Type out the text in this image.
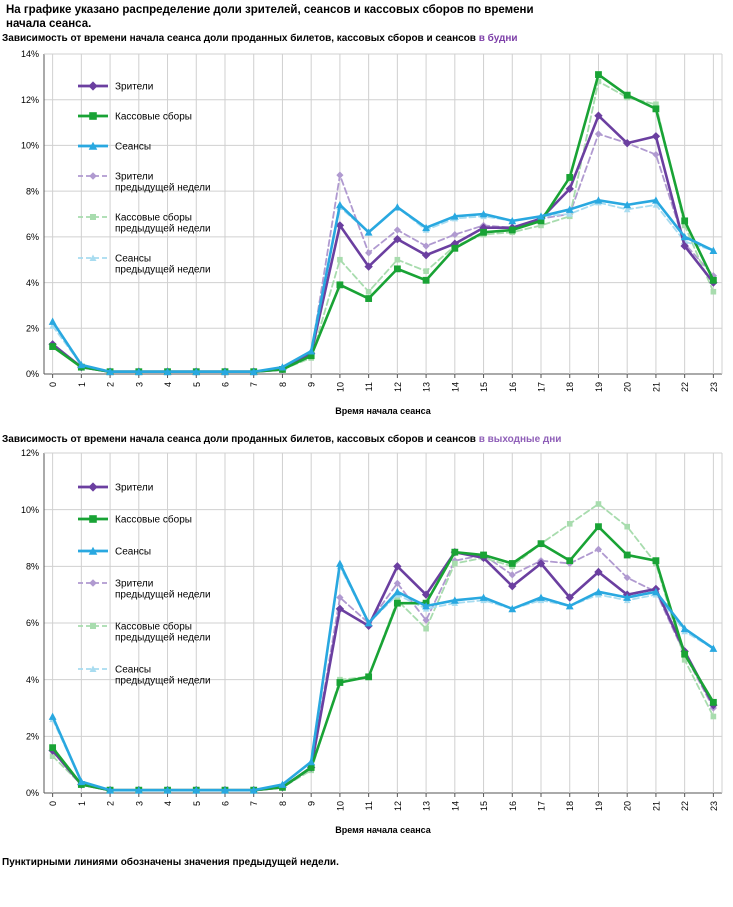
На графике указано распределение доли зрителей, сеансов и кассовых сборов по времени
начала сеанса.
Зависимость от времени начала сеанса доли проданных билетов, кассовых сборов и сеансов в будни
0%
2%
4%
6%
8%
10%
12%
14%
0 1 2 3 4 5 6 7 8 9 10 11 12 13 14 15 16 17 18 19 20 21 22 23
Время начала сеанса
Зрители
Кассовые сборы
Сеансы
Зрители
предыдущей недели
Кассовые сборы
предыдущей недели
Сеансы
предыдущей недели
Зависимость от времени начала сеанса доли проданных билетов, кассовых сборов и сеансов в выходные дни
0%
2%
4%
6%
8%
10%
12%
0 1 2 3 4 5 6 7 8 9 10 11 12 13 14 15 16 17 18 19 20 21 22 23
Время начала сеанса
Зрители
Кассовые сборы
Сеансы
Зрители
предыдущей недели
Кассовые сборы
предыдущей недели
Сеансы
предыдущей недели
Пунктирными линиями обозначены значения предыдущей недели.
